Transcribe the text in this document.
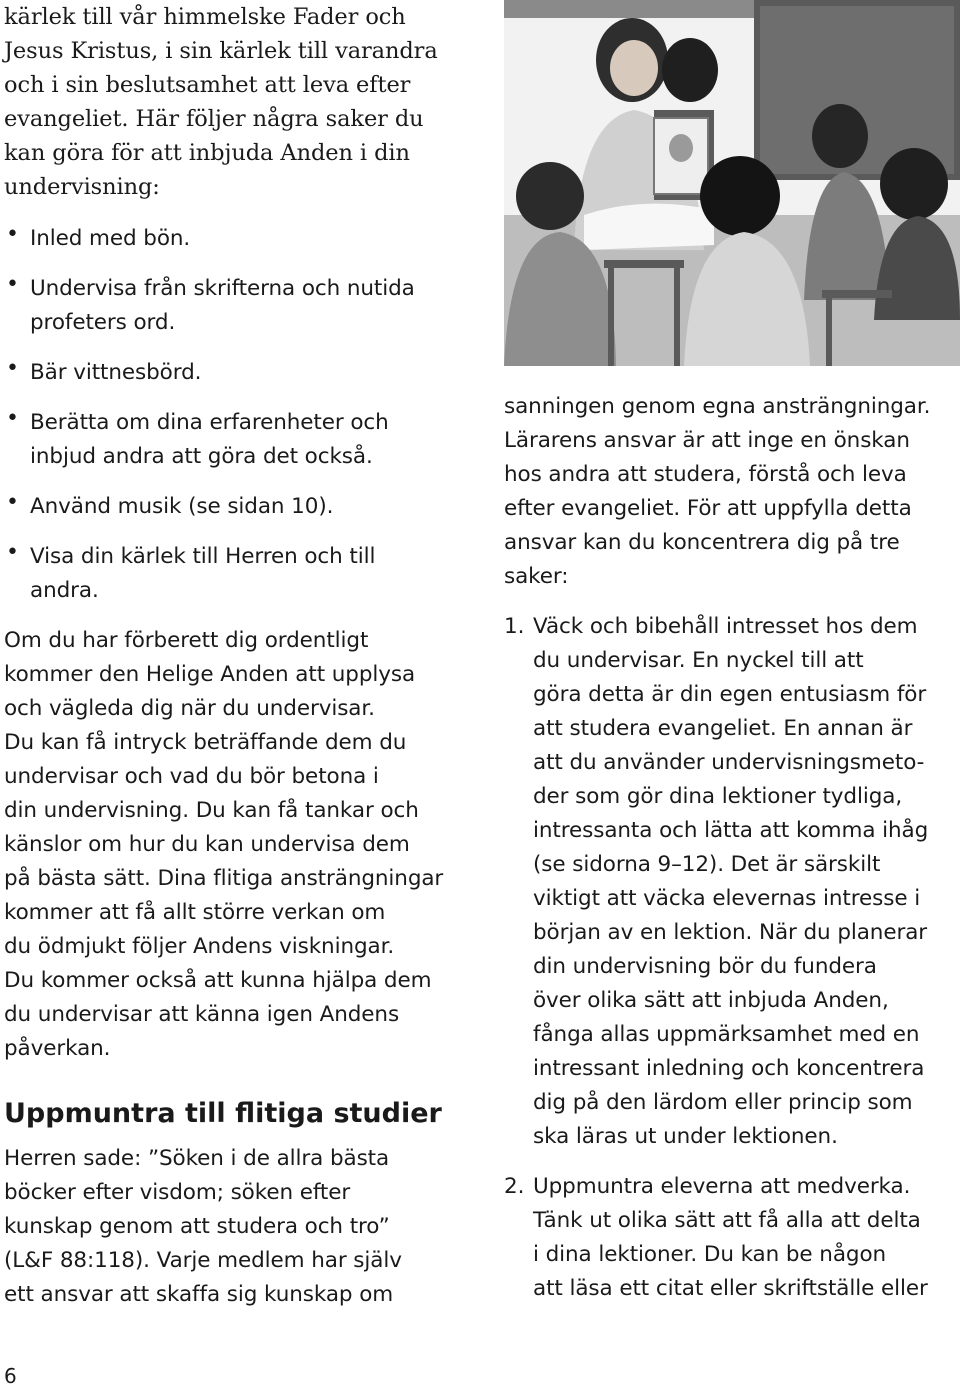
kärlek till vår himmelske Fader och
Jesus Kristus, i sin kärlek till varandra
och i sin beslutsamhet att leva efter
evangeliet. Här följer några saker du
kan göra för att inbjuda Anden i din
undervisning:

• Inled med bön.

• Undervisa från skrifterna och nutida
profeters ord.

• Bär vittnesbörd.

• Berätta om dina erfarenheter och
inbjud andra att göra det också.

• Använd musik (se sidan 10).

• Visa din kärlek till Herren och till
andra.

Om du har förberett dig ordentligt
kommer den Helige Anden att upplysa
och vägleda dig när du undervisar.
Du kan få intryck beträffande dem du
undervisar och vad du bör betona i
din undervisning. Du kan få tankar och
känslor om hur du kan undervisa dem
på bästa sätt. Dina flitiga ansträngningar
kommer att få allt större verkan om
du ödmjukt följer Andens viskningar.
Du kommer också att kunna hjälpa dem
du undervisar att känna igen Andens
påverkan.

Uppmuntra till flitiga studier

Herren sade: ”Söken i de allra bästa
böcker efter visdom; söken efter
kunskap genom att studera och tro”
(L&F 88:118). Varje medlem har själv
ett ansvar att skaffa sig kunskap om

sanningen genom egna ansträngningar.
Lärarens ansvar är att inge en önskan
hos andra att studera, förstå och leva
efter evangeliet. För att uppfylla detta
ansvar kan du koncentrera dig på tre
saker:

1. Väck och bibehåll intresset hos dem
du undervisar. En nyckel till att
göra detta är din egen entusiasm för
att studera evangeliet. En annan är
att du använder undervisningsmeto-
der som gör dina lektioner tydliga,
intressanta och lätta att komma ihåg
(se sidorna 9–12). Det är särskilt
viktigt att väcka elevernas intresse i
början av en lektion. När du planerar
din undervisning bör du fundera
över olika sätt att inbjuda Anden,
fånga allas uppmärksamhet med en
intressant inledning och koncentrera
dig på den lärdom eller princip som
ska läras ut under lektionen.

2. Uppmuntra eleverna att medverka.
Tänk ut olika sätt att få alla att delta
i dina lektioner. Du kan be någon
att läsa ett citat eller skriftställe eller

6
